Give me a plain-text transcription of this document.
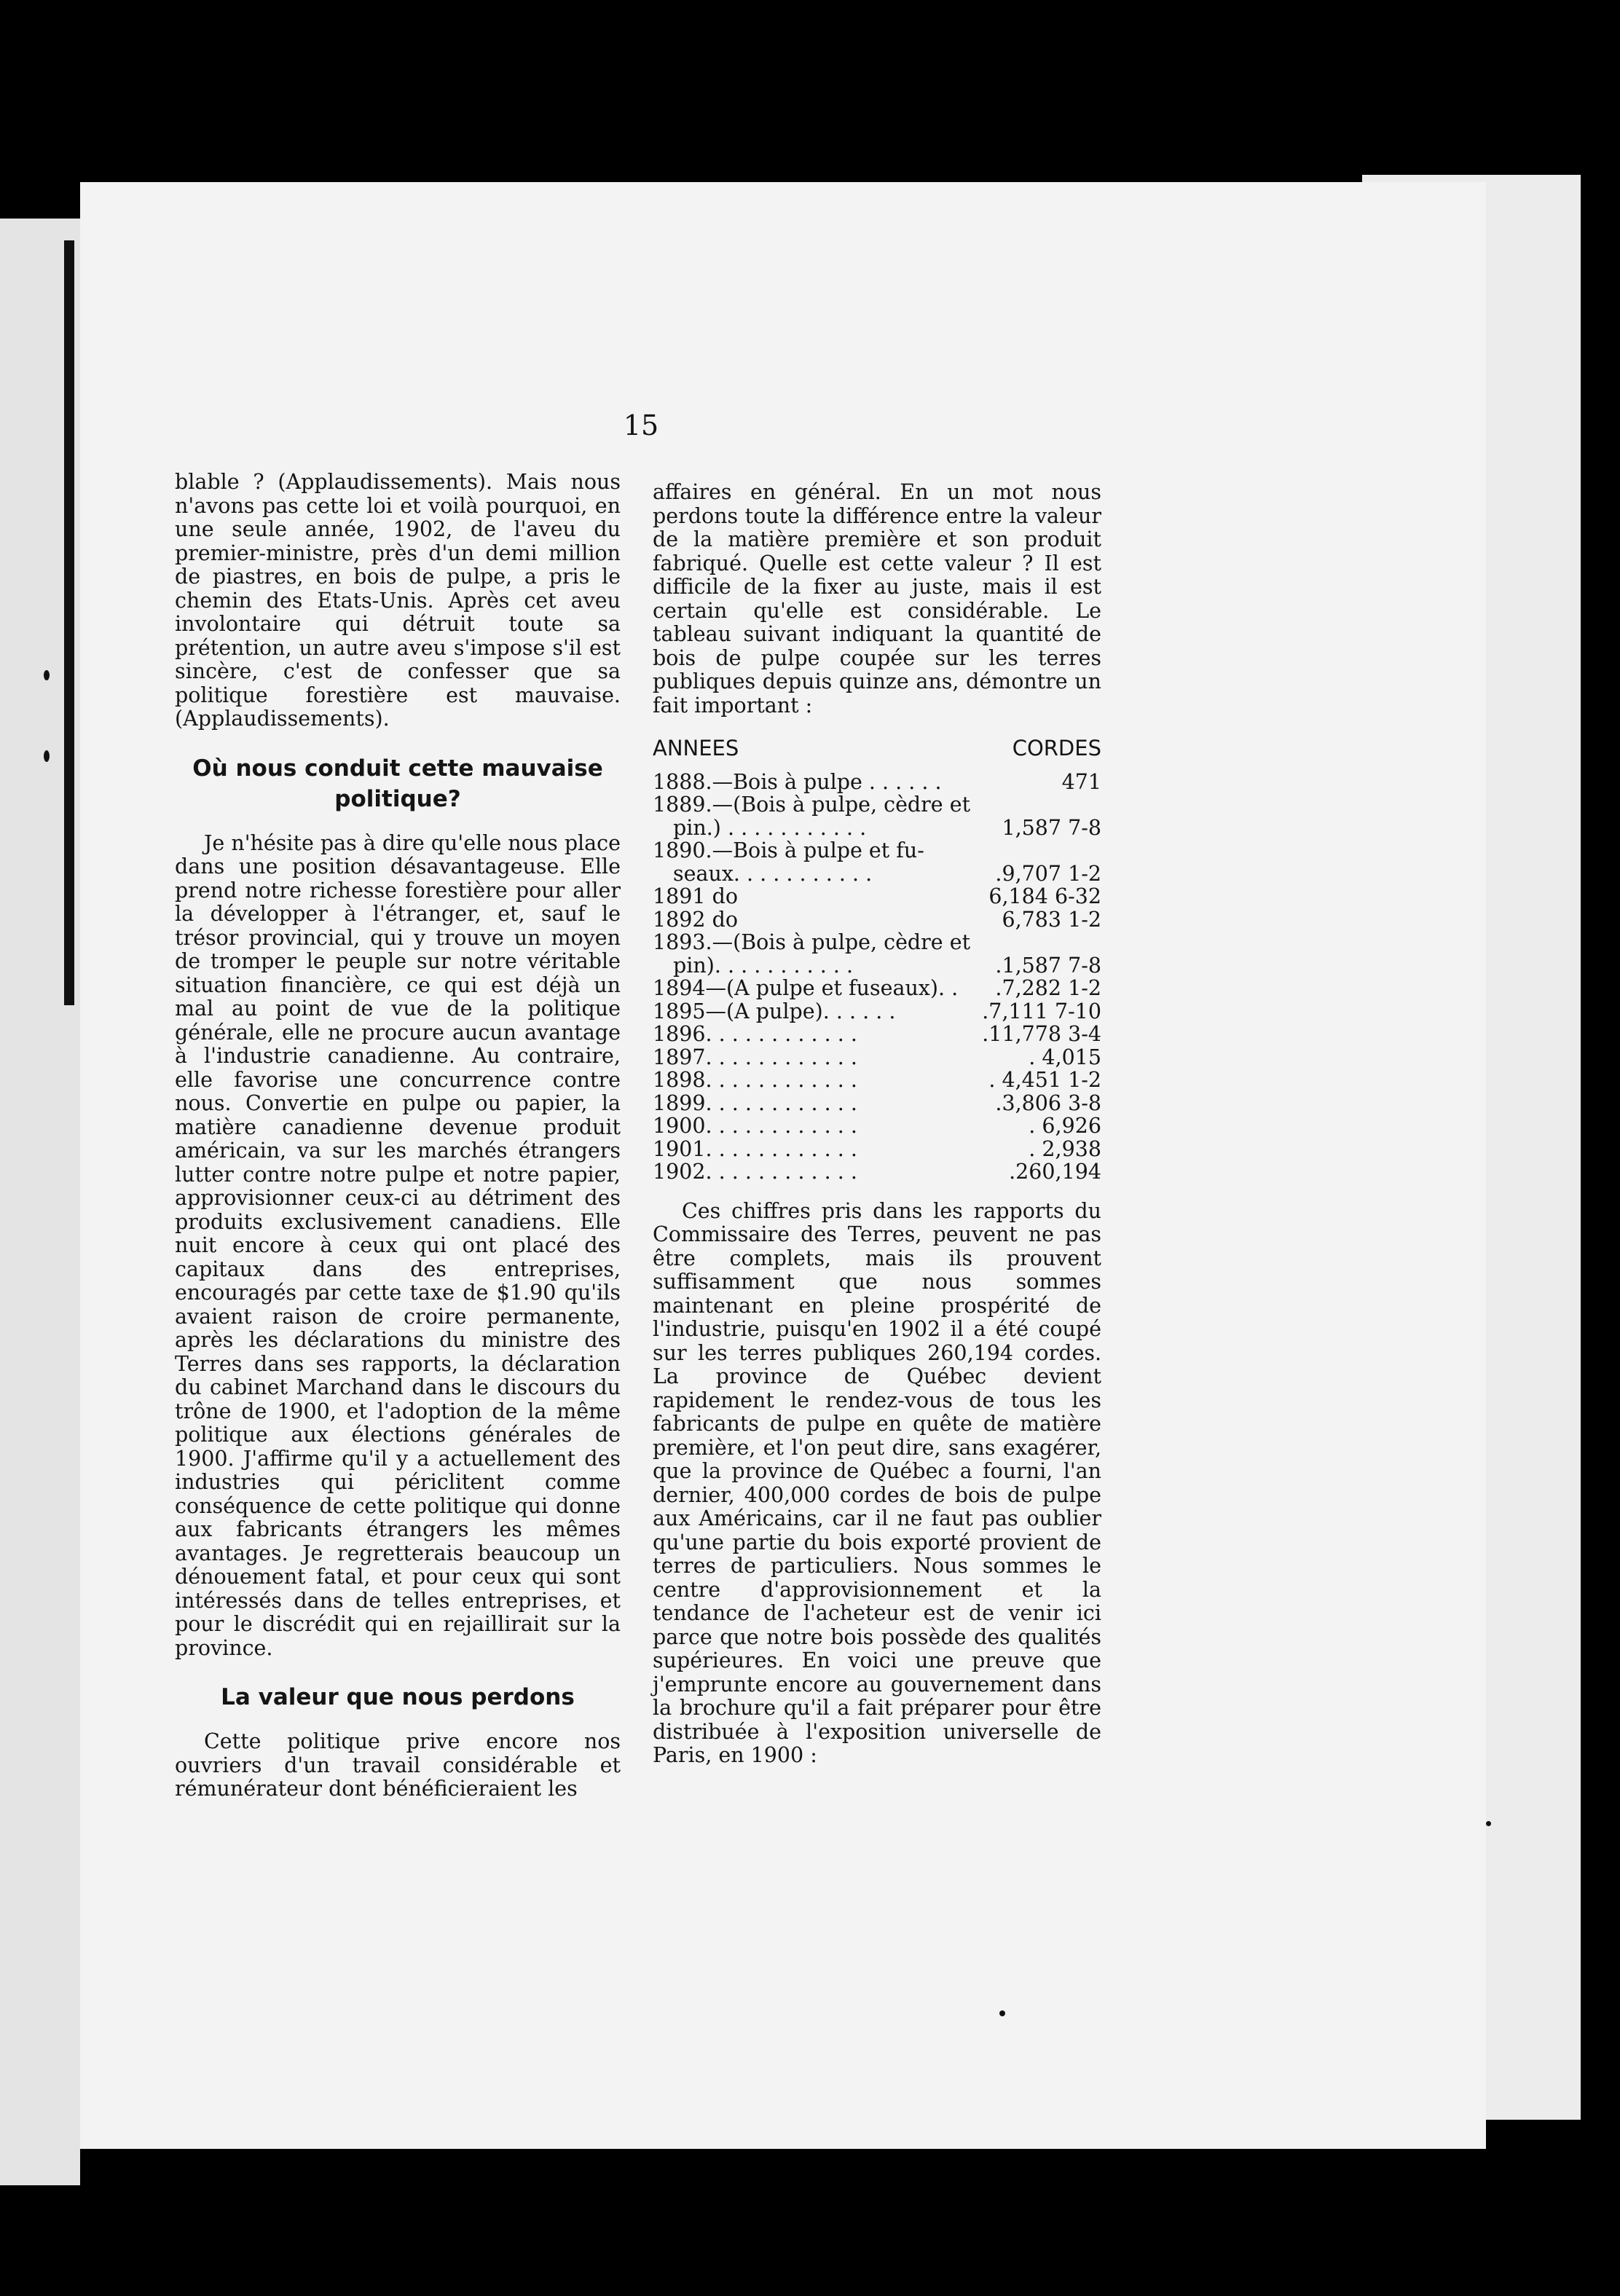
15

blable ? (Applaudissements). Mais nous n'avons pas cette loi et voilà pourquoi, en une seule année, 1902, de l'aveu du premier-ministre, près d'un demi million de piastres, en bois de pulpe, a pris le chemin des Etats-Unis. Après cet aveu involontaire qui détruit toute sa prétention, un autre aveu s'impose s'il est sincère, c'est de confesser que sa politique forestière est mauvaise. (Applaudissements).

Où nous conduit cette mauvaise politique?

Je n'hésite pas à dire qu'elle nous place dans une position désavantageuse. Elle prend notre richesse forestière pour aller la développer à l'étranger, et, sauf le trésor provincial, qui y trouve un moyen de tromper le peuple sur notre véritable situation financière, ce qui est déjà un mal au point de vue de la politique générale, elle ne procure aucun avantage à l'industrie canadienne. Au contraire, elle favorise une concurrence contre nous. Convertie en pulpe ou papier, la matière canadienne devenue produit américain, va sur les marchés étrangers lutter contre notre pulpe et notre papier, approvisionner ceux-ci au détriment des produits exclusivement canadiens. Elle nuit encore à ceux qui ont placé des capitaux dans des entreprises, encouragés par cette taxe de $1.90 qu'ils avaient raison de croire permanente, après les déclarations du ministre des Terres dans ses rapports, la déclaration du cabinet Marchand dans le discours du trône de 1900, et l'adoption de la même politique aux élections générales de 1900. J'affirme qu'il y a actuellement des industries qui périclitent comme conséquence de cette politique qui donne aux fabricants étrangers les mêmes avantages. Je regretterais beaucoup un dénouement fatal, et pour ceux qui sont intéressés dans de telles entreprises, et pour le discrédit qui en rejaillirait sur la province.

La valeur que nous perdons

Cette politique prive encore nos ouvriers d'un travail considérable et rémunérateur dont bénéficieraient les

affaires en général. En un mot nous perdons toute la différence entre la valeur de la matière première et son produit fabriqué. Quelle est cette valeur ? Il est difficile de la fixer au juste, mais il est certain qu'elle est considérable. Le tableau suivant indiquant la quantité de bois de pulpe coupée sur les terres publiques depuis quinze ans, démontre un fait important :

ANNEES	CORDES
1888.—Bois à pulpe . . . . . .	471
1889.—(Bois à pulpe, cèdre et
pin.) . . . . . . . . . . .	1,587 7-8
1890.—Bois à pulpe et fu-
seaux. . . . . . . . . . .	.9,707 1-2
1891 do	6,184 6-32
1892 do	6,783 1-2
1893.—(Bois à pulpe, cèdre et
pin). . . . . . . . . . .	.1,587 7-8
1894—(A pulpe et fuseaux). .	.7,282 1-2
1895—(A pulpe). . . . . .	.7,111 7-10
1896. . . . . . . . . . . .	.11,778 3-4
1897. . . . . . . . . . . .	. 4,015
1898. . . . . . . . . . . .	. 4,451 1-2
1899. . . . . . . . . . . .	.3,806 3-8
1900. . . . . . . . . . . .	. 6,926
1901. . . . . . . . . . . .	. 2,938
1902. . . . . . . . . . . .	.260,194

Ces chiffres pris dans les rapports du Commissaire des Terres, peuvent ne pas être complets, mais ils prouvent suffisamment que nous sommes maintenant en pleine prospérité de l'industrie, puisqu'en 1902 il a été coupé sur les terres publiques 260,194 cordes. La province de Québec devient rapidement le rendez-vous de tous les fabricants de pulpe en quête de matière première, et l'on peut dire, sans exagérer, que la province de Québec a fourni, l'an dernier, 400,000 cordes de bois de pulpe aux Américains, car il ne faut pas oublier qu'une partie du bois exporté provient de terres de particuliers. Nous sommes le centre d'approvisionnement et la tendance de l'acheteur est de venir ici parce que notre bois possède des qualités supérieures. En voici une preuve que j'emprunte encore au gouvernement dans la brochure qu'il a fait préparer pour être distribuée à l'exposition universelle de Paris, en 1900 :
